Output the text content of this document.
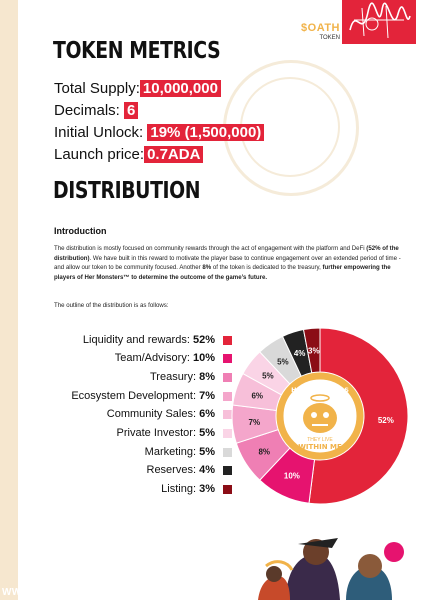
$OATH
TOKEN
TOKEN METRICS
Total Supply: 10,000,000
Decimals: 6
Initial Unlock: 19% (1,500,000)
Launch price: 0.7ADA
DISTRIBUTION
Introduction
The distribution is mostly focused on community rewards through the act of engagement with the platform and DeFi (52% of the distribution). We have built in this reward to motivate the player base to continue engagement over an extended period of time - and allow our token to be community focused. Another 8% of the token is dedicated to the treasury, further empowering the players of Her Monsters™ to determine the outcome of the game’s future.
The outline of the distribution is as follows:
Liquidity and rewards: 52%
Team/Advisory: 10%
Treasury: 8%
Ecosystem Development: 7%
Community Sales: 6%
Private Investor: 5%
Marketing: 5%
Reserves: 4%
Listing: 3%
52%
10%
8%
7%
6%
5%
5%
4% 3%
HER MONSTERS
THEY LIVE
WITHIN ME
WWW.HERMONSTERS.COM
